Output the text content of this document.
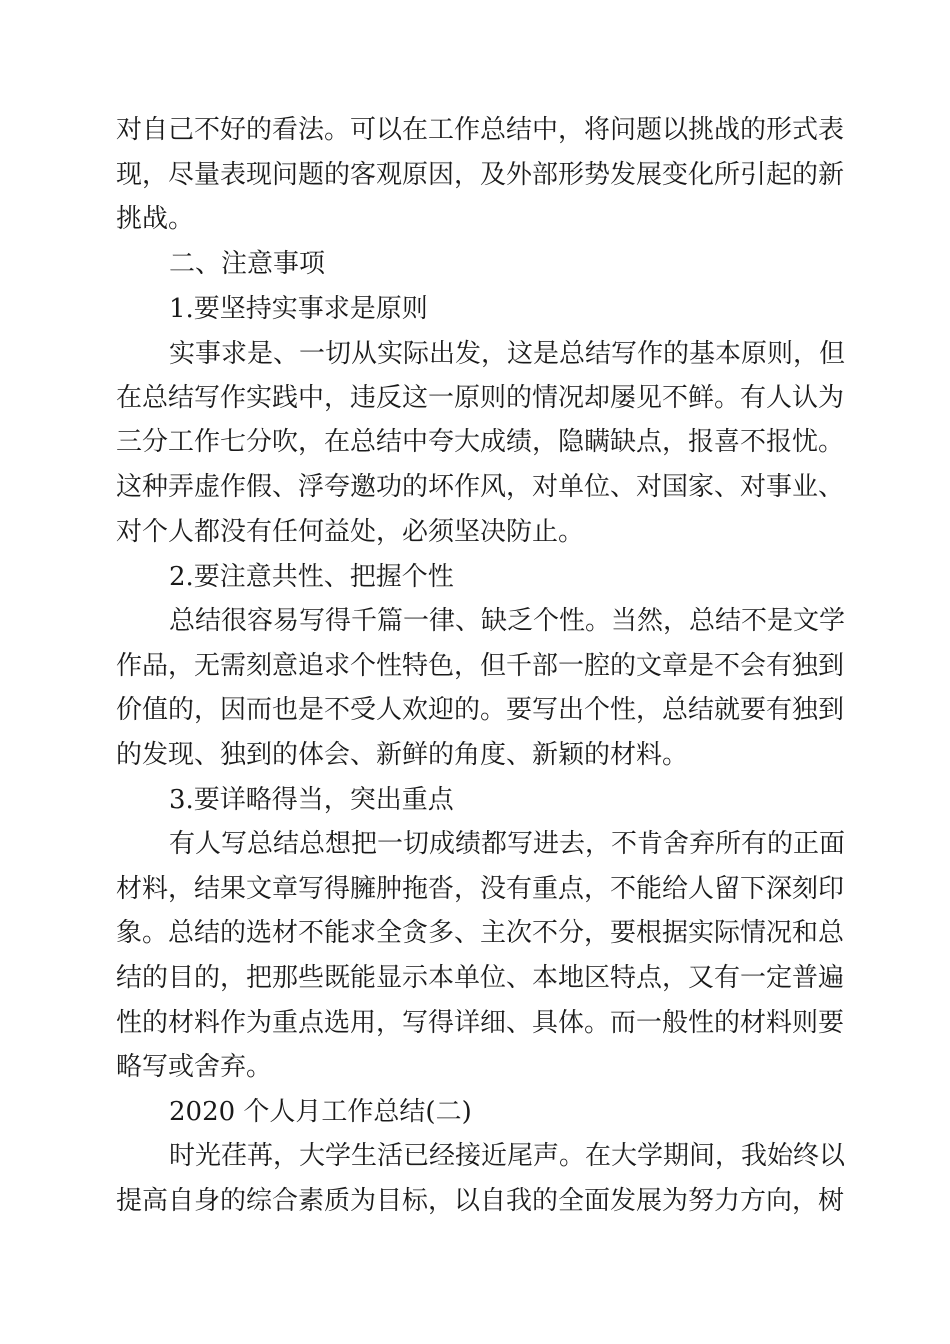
对自己不好的看法。可以在工作总结中，将问题以挑战的形式表

现，尽量表现问题的客观原因，及外部形势发展变化所引起的新

挑战。

二、注意事项

1.要坚持实事求是原则

实事求是、一切从实际出发，这是总结写作的基本原则，但

在总结写作实践中，违反这一原则的情况却屡见不鲜。有人认为

三分工作七分吹，在总结中夸大成绩，隐瞒缺点，报喜不报忧。

这种弄虚作假、浮夸邀功的坏作风，对单位、对国家、对事业、

对个人都没有任何益处，必须坚决防止。

2.要注意共性、把握个性

总结很容易写得千篇一律、缺乏个性。当然，总结不是文学

作品，无需刻意追求个性特色，但千部一腔的文章是不会有独到

价值的，因而也是不受人欢迎的。要写出个性，总结就要有独到

的发现、独到的体会、新鲜的角度、新颖的材料。

3.要详略得当，突出重点

有人写总结总想把一切成绩都写进去，不肯舍弃所有的正面

材料，结果文章写得臃肿拖沓，没有重点，不能给人留下深刻印

象。总结的选材不能求全贪多、主次不分，要根据实际情况和总

结的目的，把那些既能显示本单位、本地区特点，又有一定普遍

性的材料作为重点选用，写得详细、具体。而一般性的材料则要

略写或舍弃。

2020 个人月工作总结(二)

时光荏苒，大学生活已经接近尾声。在大学期间，我始终以

提高自身的综合素质为目标，以自我的全面发展为努力方向，树
